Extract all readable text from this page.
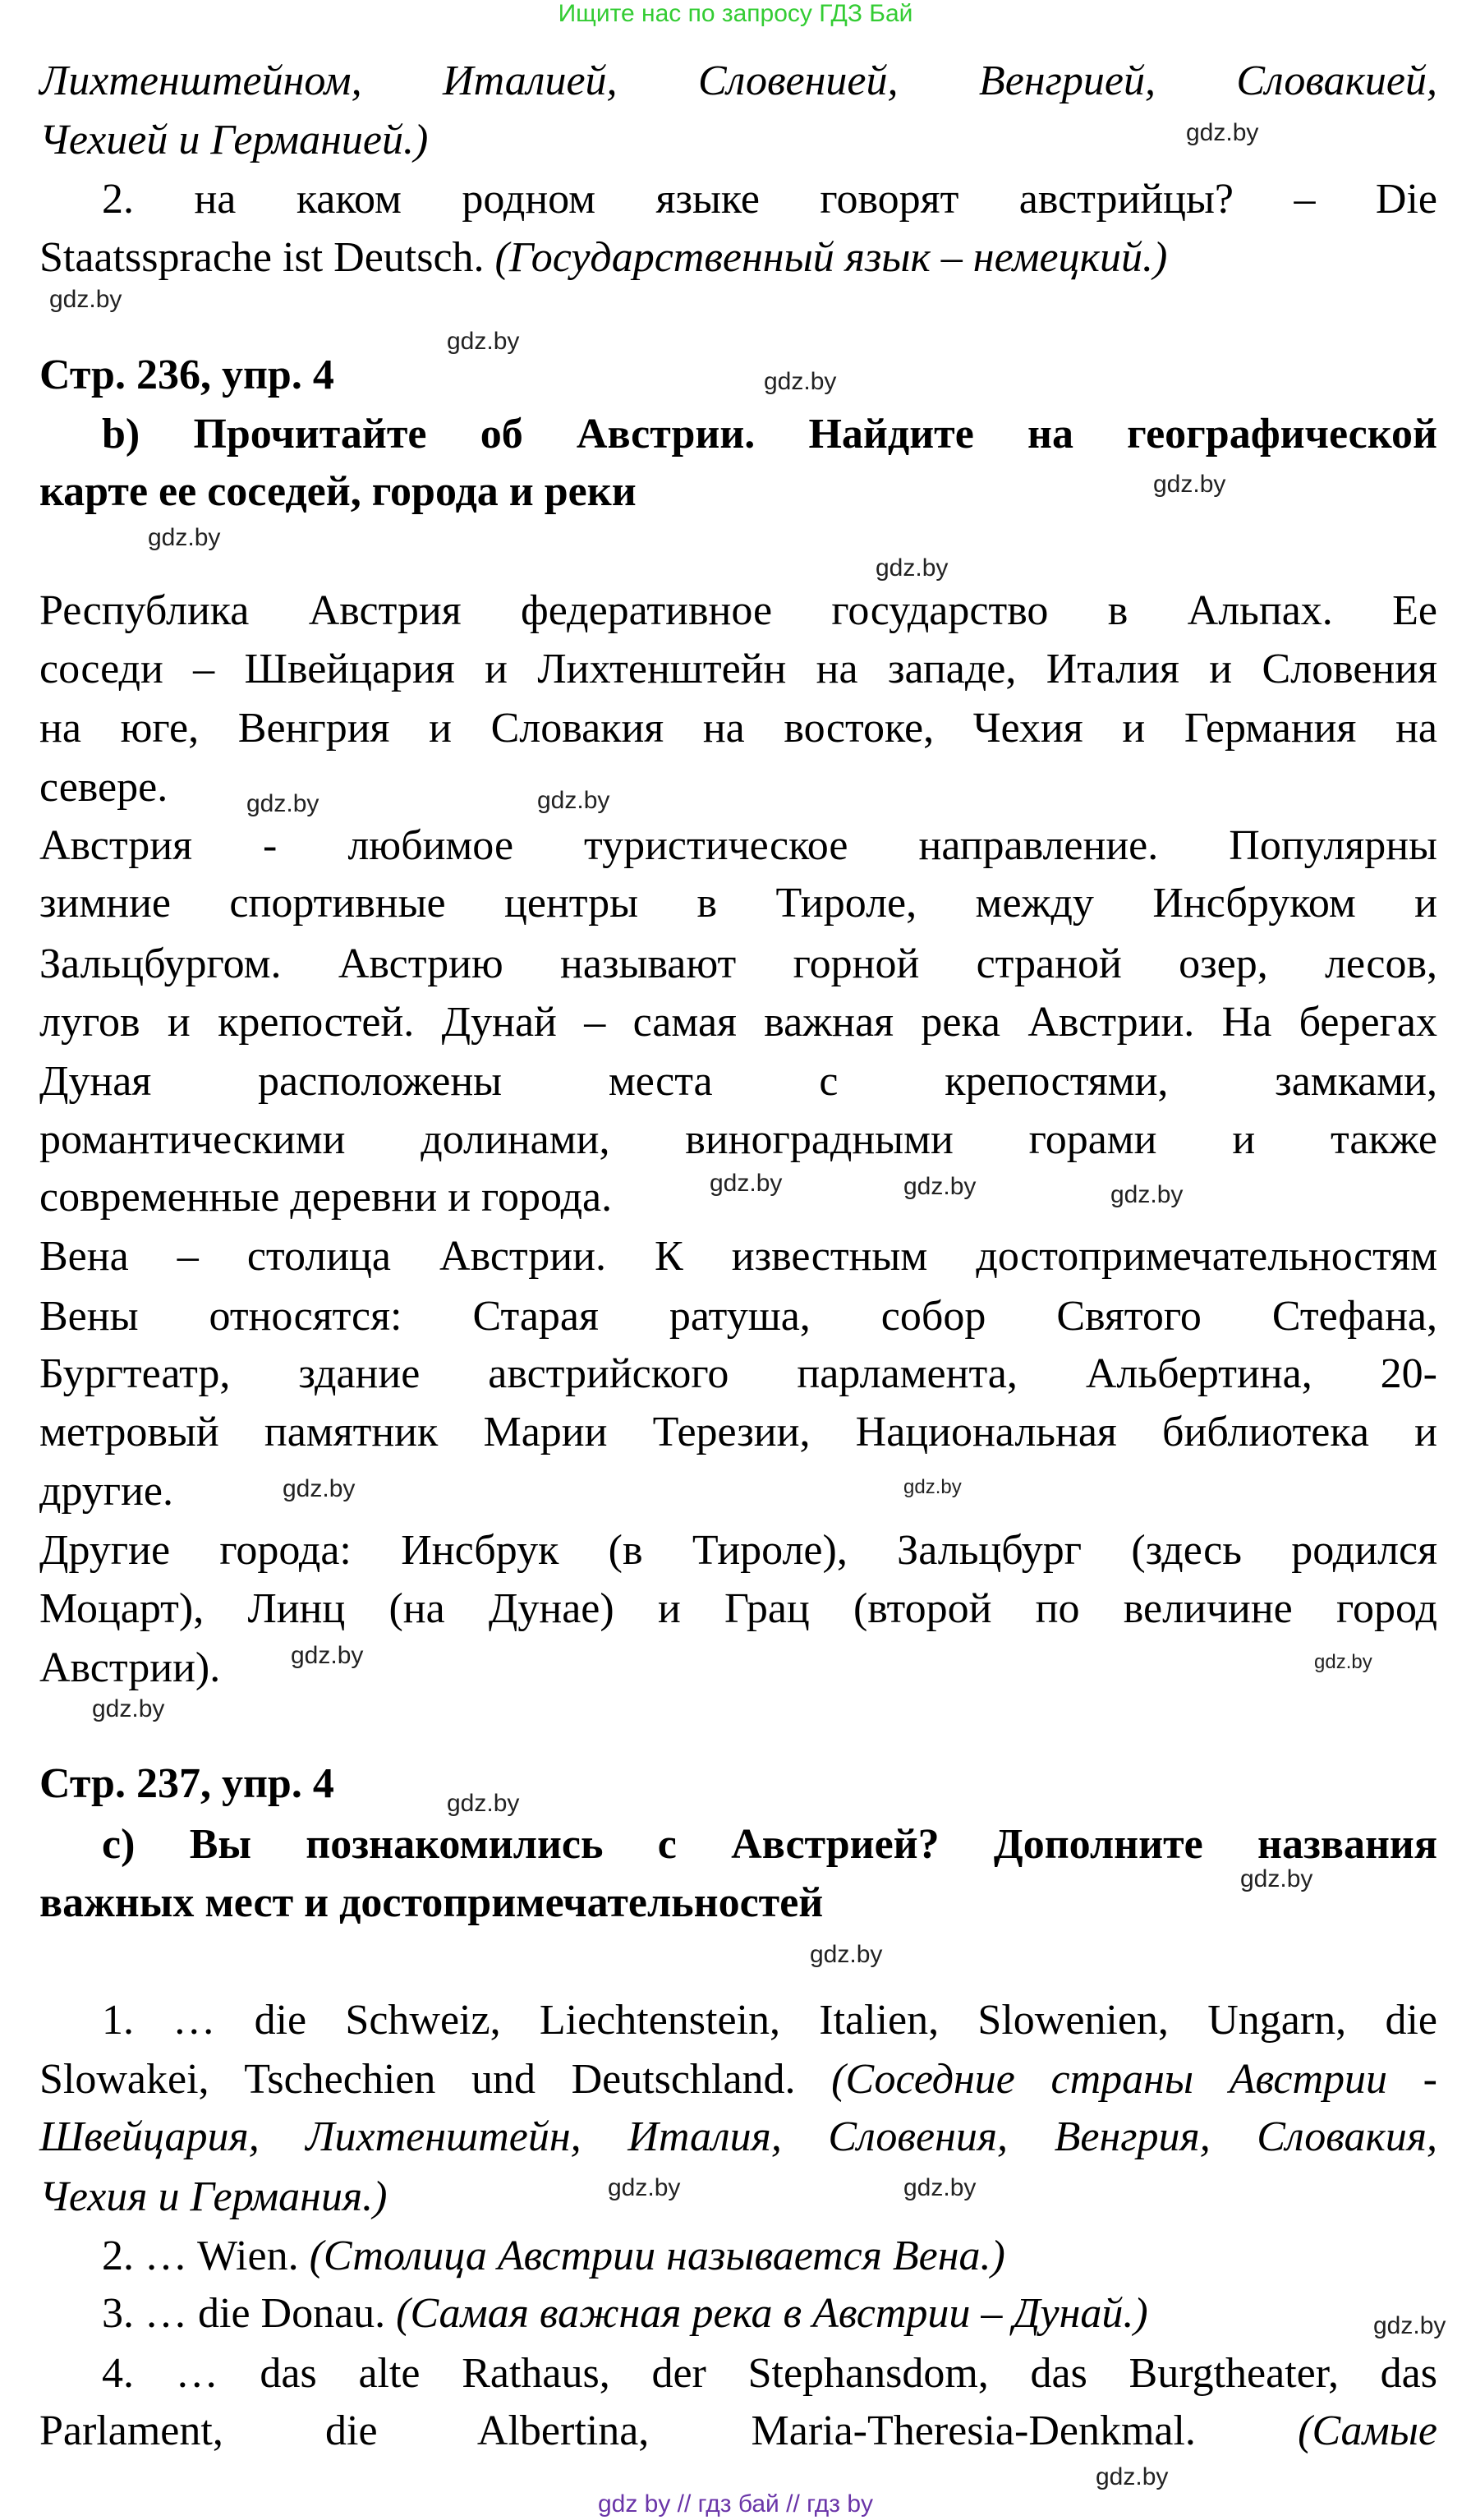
Ищите нас по запросу ГДЗ Бай
Лихтенштейном, Италией, Словенией, Венгрией, Словакией,
Чехией и Германией.)
2. на каком родном языке говорят австрийцы? – Die
Staatssprache ist Deutsch. (Государственный язык – немецкий.)
Стр. 236, упр. 4
b) Прочитайте об Австрии. Найдите на географической
карте ее соседей, города и реки
Республика Австрия федеративное государство в Альпах. Ее
соседи – Швейцария и Лихтенштейн на западе, Италия и Словения
на юге, Венгрия и Словакия на востоке, Чехия и Германия на
севере.
Австрия - любимое туристическое направление. Популярны
зимние спортивные центры в Тироле, между Инсбруком и
Зальцбургом. Австрию называют горной страной озер, лесов,
лугов и крепостей. Дунай – самая важная река Австрии. На берегах
Дуная расположены места с крепостями, замками,
романтическими долинами, виноградными горами и также
современные деревни и города.
Вена – столица Австрии. К известным достопримечательностям
Вены относятся: Старая ратуша, собор Святого Стефана,
Бургтеатр, здание австрийского парламента, Альбертина, 20-
метровый памятник Марии Терезии, Национальная библиотека и
другие.
Другие города: Инсбрук (в Тироле), Зальцбург (здесь родился
Моцарт), Линц (на Дунае) и Грац (второй по величине город
Австрии).
Стр. 237, упр. 4
c) Вы познакомились с Австрией? Дополните названия
важных мест и достопримечательностей
1. … die Schweiz, Liechtenstein, Italien, Slowenien, Ungarn, die
Slowakei, Tschechien und Deutschland. (Соседние страны Австрии -
Швейцария, Лихтенштейн, Италия, Словения, Венгрия, Словакия,
Чехия и Германия.)
2. … Wien. (Столица Австрии называется Вена.)
3. … die Donau. (Самая важная река в Австрии – Дунай.)
4. … das alte Rathaus, der Stephansdom, das Burgtheater, das
Parlament, die Albertina, Maria-Theresia-Denkmal. (Самые
gdz.by
gdz.by
gdz.by
gdz.by
gdz.by
gdz.by
gdz.by
gdz.by
gdz.by
gdz.by
gdz.by	gdz.by
gdz.by
gdz.by
gdz.by
gdz.by
gdz.by
gdz.by
gdz.by
gdz.by
gdz.by	gdz.by
gdz.by
gdz.by
gdz by // гдз бай // гдз by
